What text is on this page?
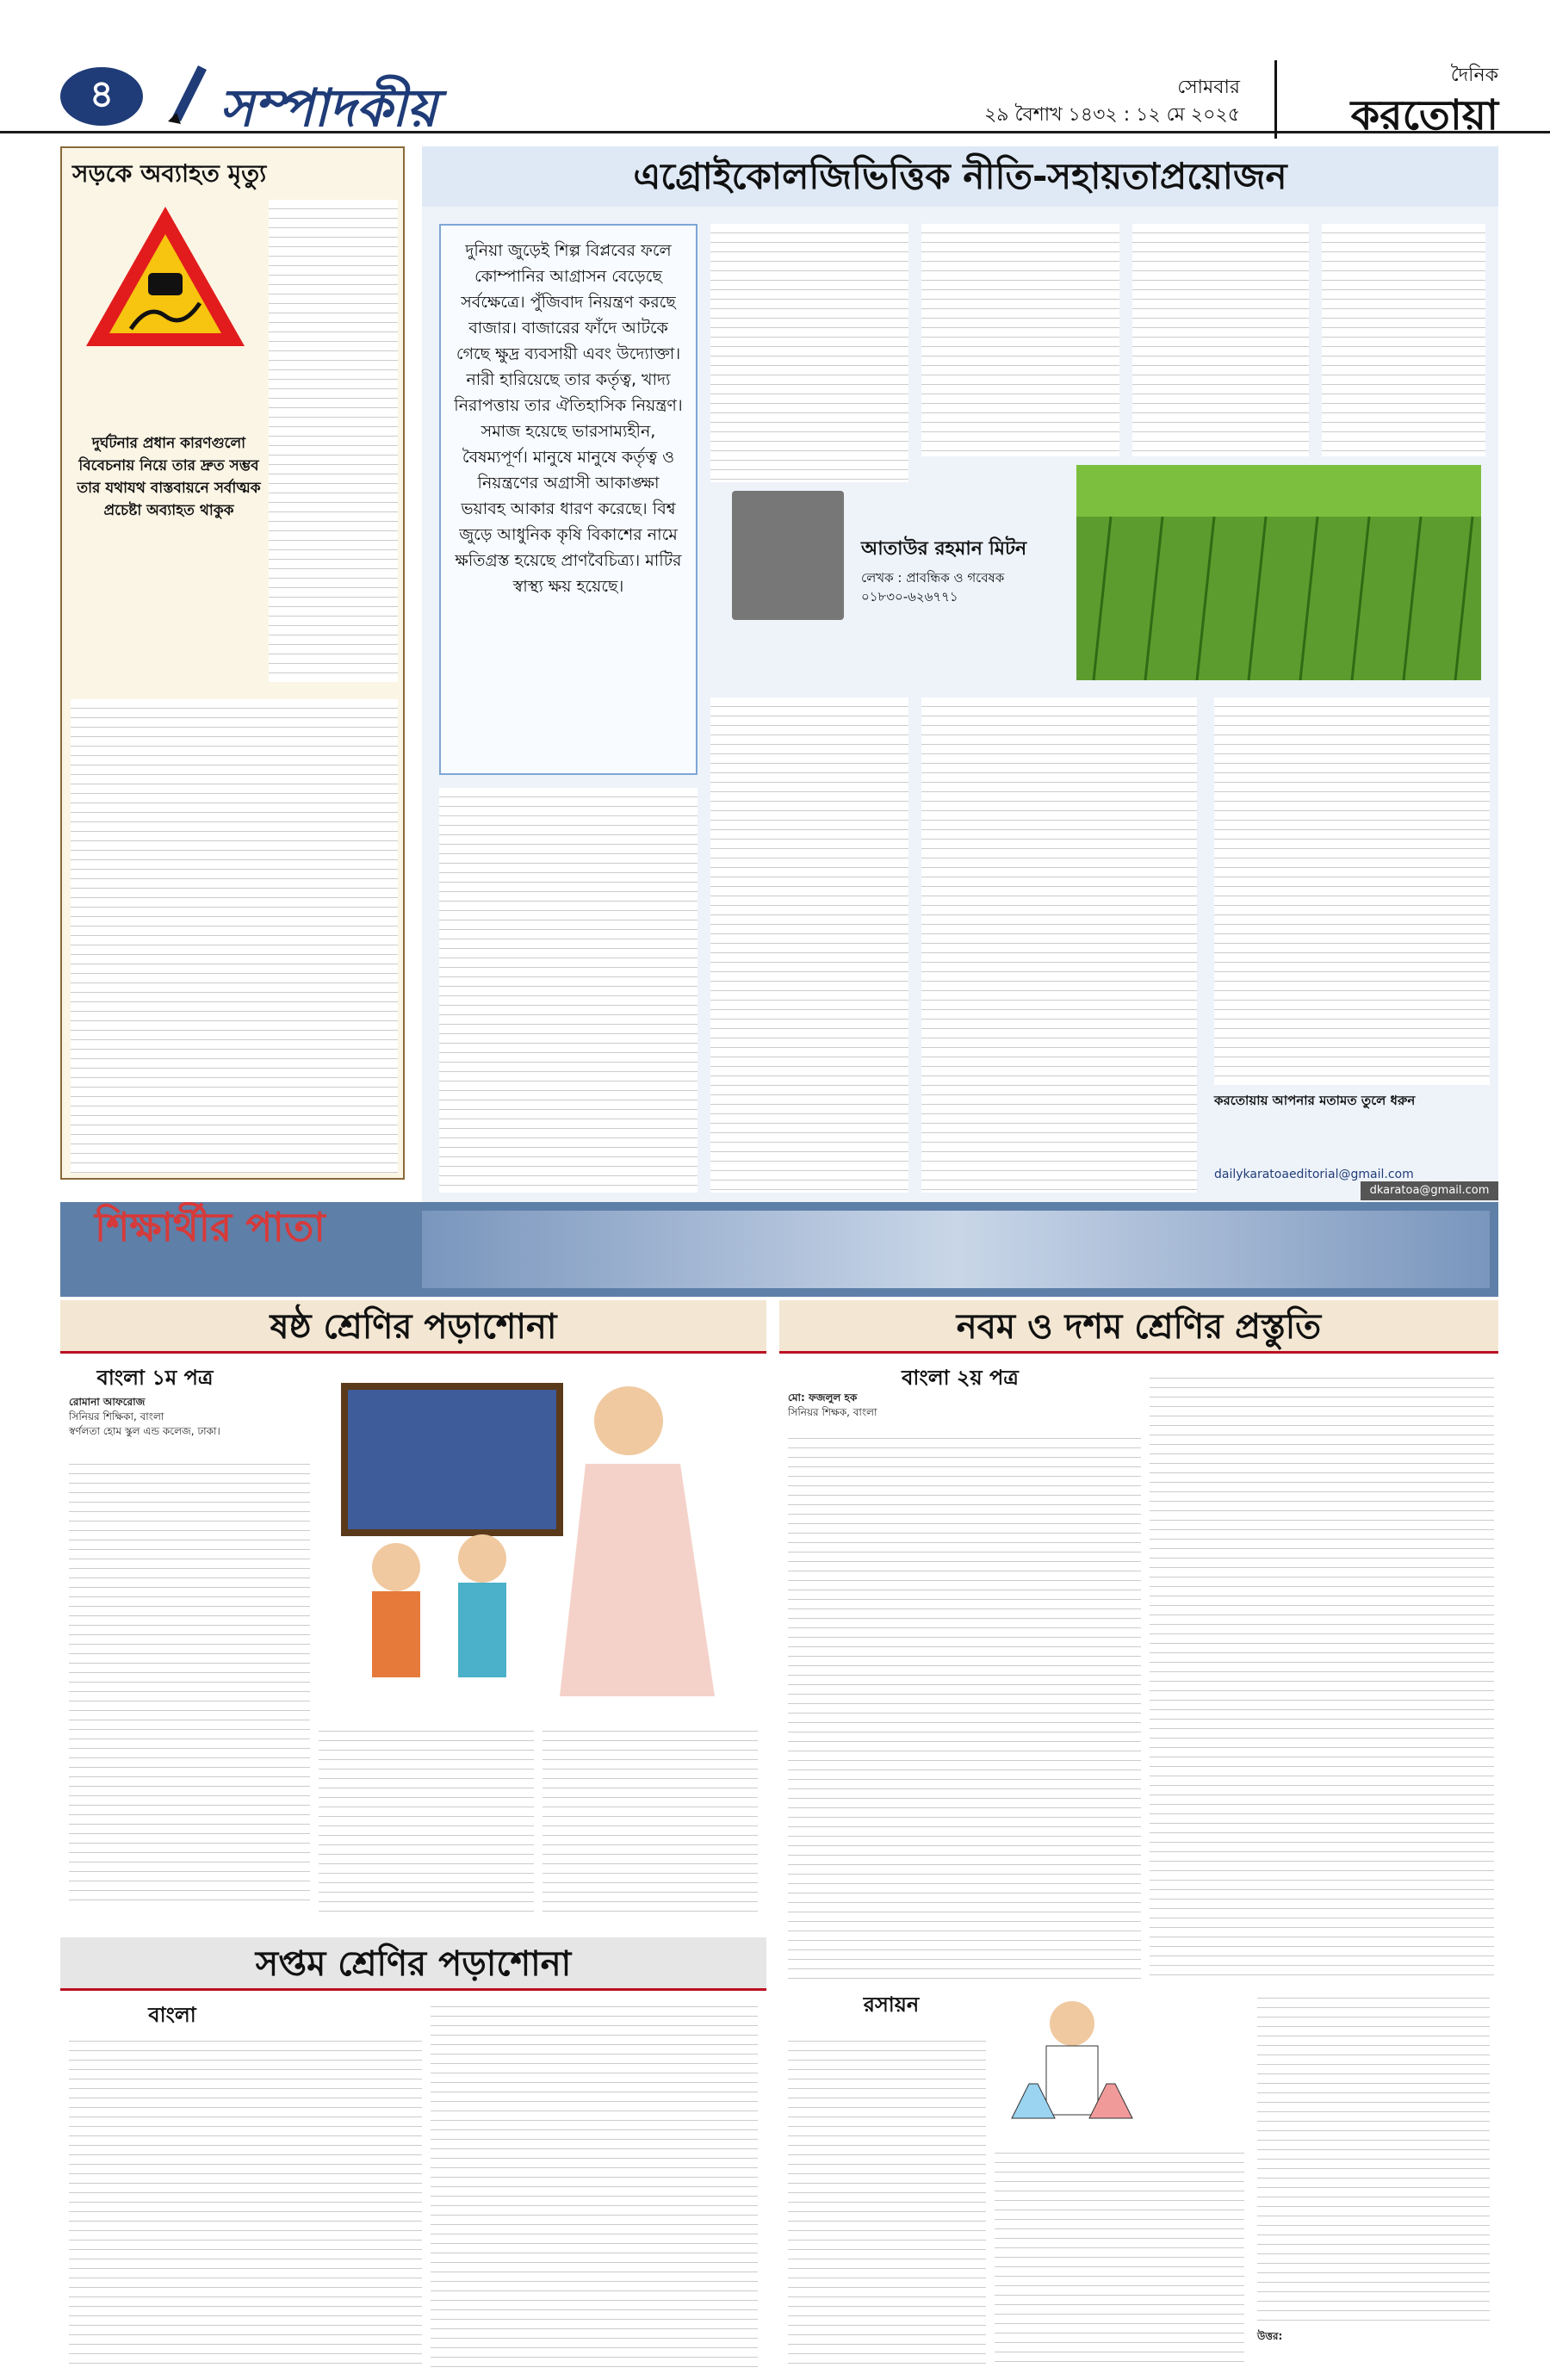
৪	সম্পাদকীয়	সোমবার
২৯ বৈশাখ ১৪৩২ : ১২ মে ২০২৫
দৈনিক
করতোয়া
সড়কে অব্যাহত মৃত্যু
দুর্ঘটনার প্রধান কারণগুলো বিবেচনায় নিয়ে তার দ্রুত সম্ভব তার যথাযথ বাস্তবায়নে সর্বাত্মক প্রচেষ্টা অব্যাহত থাকুক
এগ্রোইকোলজিভিত্তিক নীতি-সহায়তাপ্রয়োজন
দুনিয়া জুড়েই শিল্প বিপ্লবের ফলে কোম্পানির আগ্রাসন বেড়েছে সর্বক্ষেত্রে। পুঁজিবাদ নিয়ন্ত্রণ করছে বাজার। বাজারের ফাঁদে আটকে গেছে ক্ষুদ্র ব্যবসায়ী এবং উদ্যোক্তা। নারী হারিয়েছে তার কর্তৃত্ব, খাদ্য নিরাপত্তায় তার ঐতিহাসিক নিয়ন্ত্রণ। সমাজ হয়েছে ভারসাম্যহীন, বৈষম্যপূর্ণ। মানুষে মানুষে কর্তৃত্ব ও নিয়ন্ত্রণের অগ্রাসী আকাঙ্ক্ষা ভয়াবহ আকার ধারণ করেছে। বিশ্ব জুড়ে আধুনিক কৃষি বিকাশের নামে ক্ষতিগ্রস্ত হয়েছে প্রাণবৈচিত্র্য। মাটির স্বাস্থ্য ক্ষয় হয়েছে।
আতাউর রহমান মিটন
লেখক : প্রাবন্ধিক ও গবেষক
০১৮৩০-৬২৬৭৭১
করতোয়ায় আপনার মতামত তুলে ধরুন
dailykaratoaeditorial@gmail.com
dkaratoa@gmail.com
শিক্ষার্থীর পাতা
ষষ্ঠ শ্রেণির পড়াশোনা
বাংলা ১ম পত্র
রোমানা আফরোজ
সিনিয়র শিক্ষিকা, বাংলা
স্বর্ণলতা হোম স্কুল এন্ড কলেজ, ঢাকা।
সপ্তম শ্রেণির পড়াশোনা
বাংলা
নবম ও দশম শ্রেণির প্রস্তুতি
বাংলা ২য় পত্র
মো: ফজলুল হক
সিনিয়র শিক্ষক, বাংলা
রসায়ন
উত্তর:
